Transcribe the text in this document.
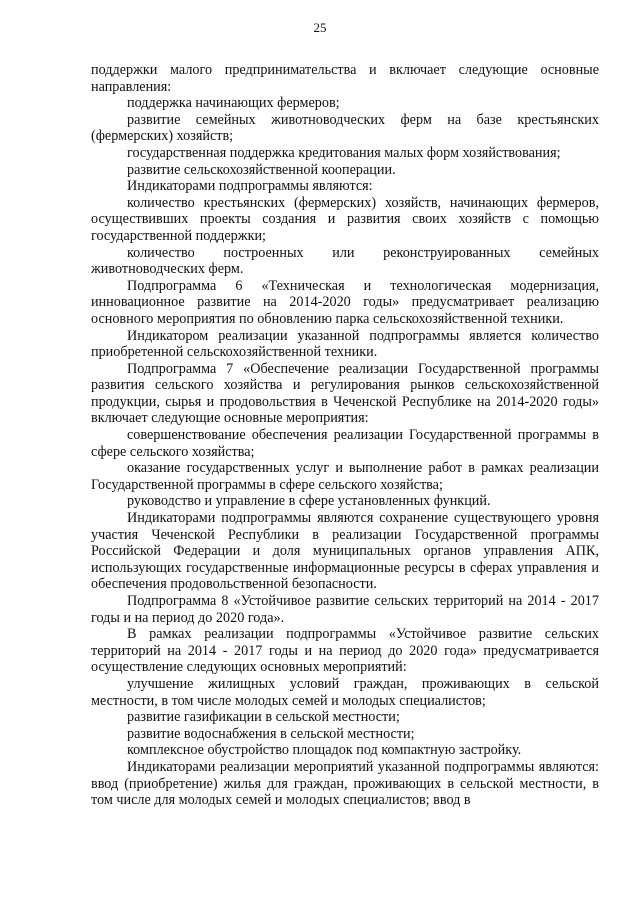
25

поддержки малого предпринимательства и включает следующие основные направления:

поддержка начинающих фермеров;

развитие семейных животноводческих ферм на базе крестьянских (фермерских) хозяйств;

государственная поддержка кредитования малых форм хозяйствования;

развитие сельскохозяйственной кооперации.

Индикаторами подпрограммы являются:

количество крестьянских (фермерских) хозяйств, начинающих фермеров, осуществивших проекты создания и развития своих хозяйств с помощью государственной поддержки;

количество построенных или реконструированных семейных животноводческих ферм.

Подпрограмма 6 «Техническая и технологическая модернизация, инновационное развитие на 2014-2020 годы» предусматривает реализацию основного мероприятия по обновлению парка сельскохозяйственной техники.

Индикатором реализации указанной подпрограммы является количество приобретенной сельскохозяйственной техники.

Подпрограмма 7 «Обеспечение реализации Государственной программы развития сельского хозяйства и регулирования рынков сельскохозяйственной продукции, сырья и продовольствия в Чеченской Республике на 2014-2020 годы» включает следующие основные мероприятия:

совершенствование обеспечения реализации Государственной программы в сфере сельского хозяйства;

оказание государственных услуг и выполнение работ в рамках реализации Государственной программы в сфере сельского хозяйства;

руководство и управление в сфере установленных функций.

Индикаторами подпрограммы являются сохранение существующего уровня участия Чеченской Республики в реализации Государственной программы Российской Федерации и доля муниципальных органов управления АПК, использующих государственные информационные ресурсы в сферах управления и обеспечения продовольственной безопасности.

Подпрограмма 8 «Устойчивое развитие сельских территорий на 2014 - 2017 годы и на период до 2020 года».

В рамках реализации подпрограммы «Устойчивое развитие сельских территорий на 2014 - 2017 годы и на период до 2020 года» предусматривается осуществление следующих основных мероприятий:

улучшение жилищных условий граждан, проживающих в сельской местности, в том числе молодых семей и молодых специалистов;

развитие газификации в сельской местности;

развитие водоснабжения в сельской местности;

комплексное обустройство площадок под компактную застройку.

Индикаторами реализации мероприятий указанной подпрограммы являются: ввод (приобретение) жилья для граждан, проживающих в сельской местности, в том числе для молодых семей и молодых специалистов; ввод в
